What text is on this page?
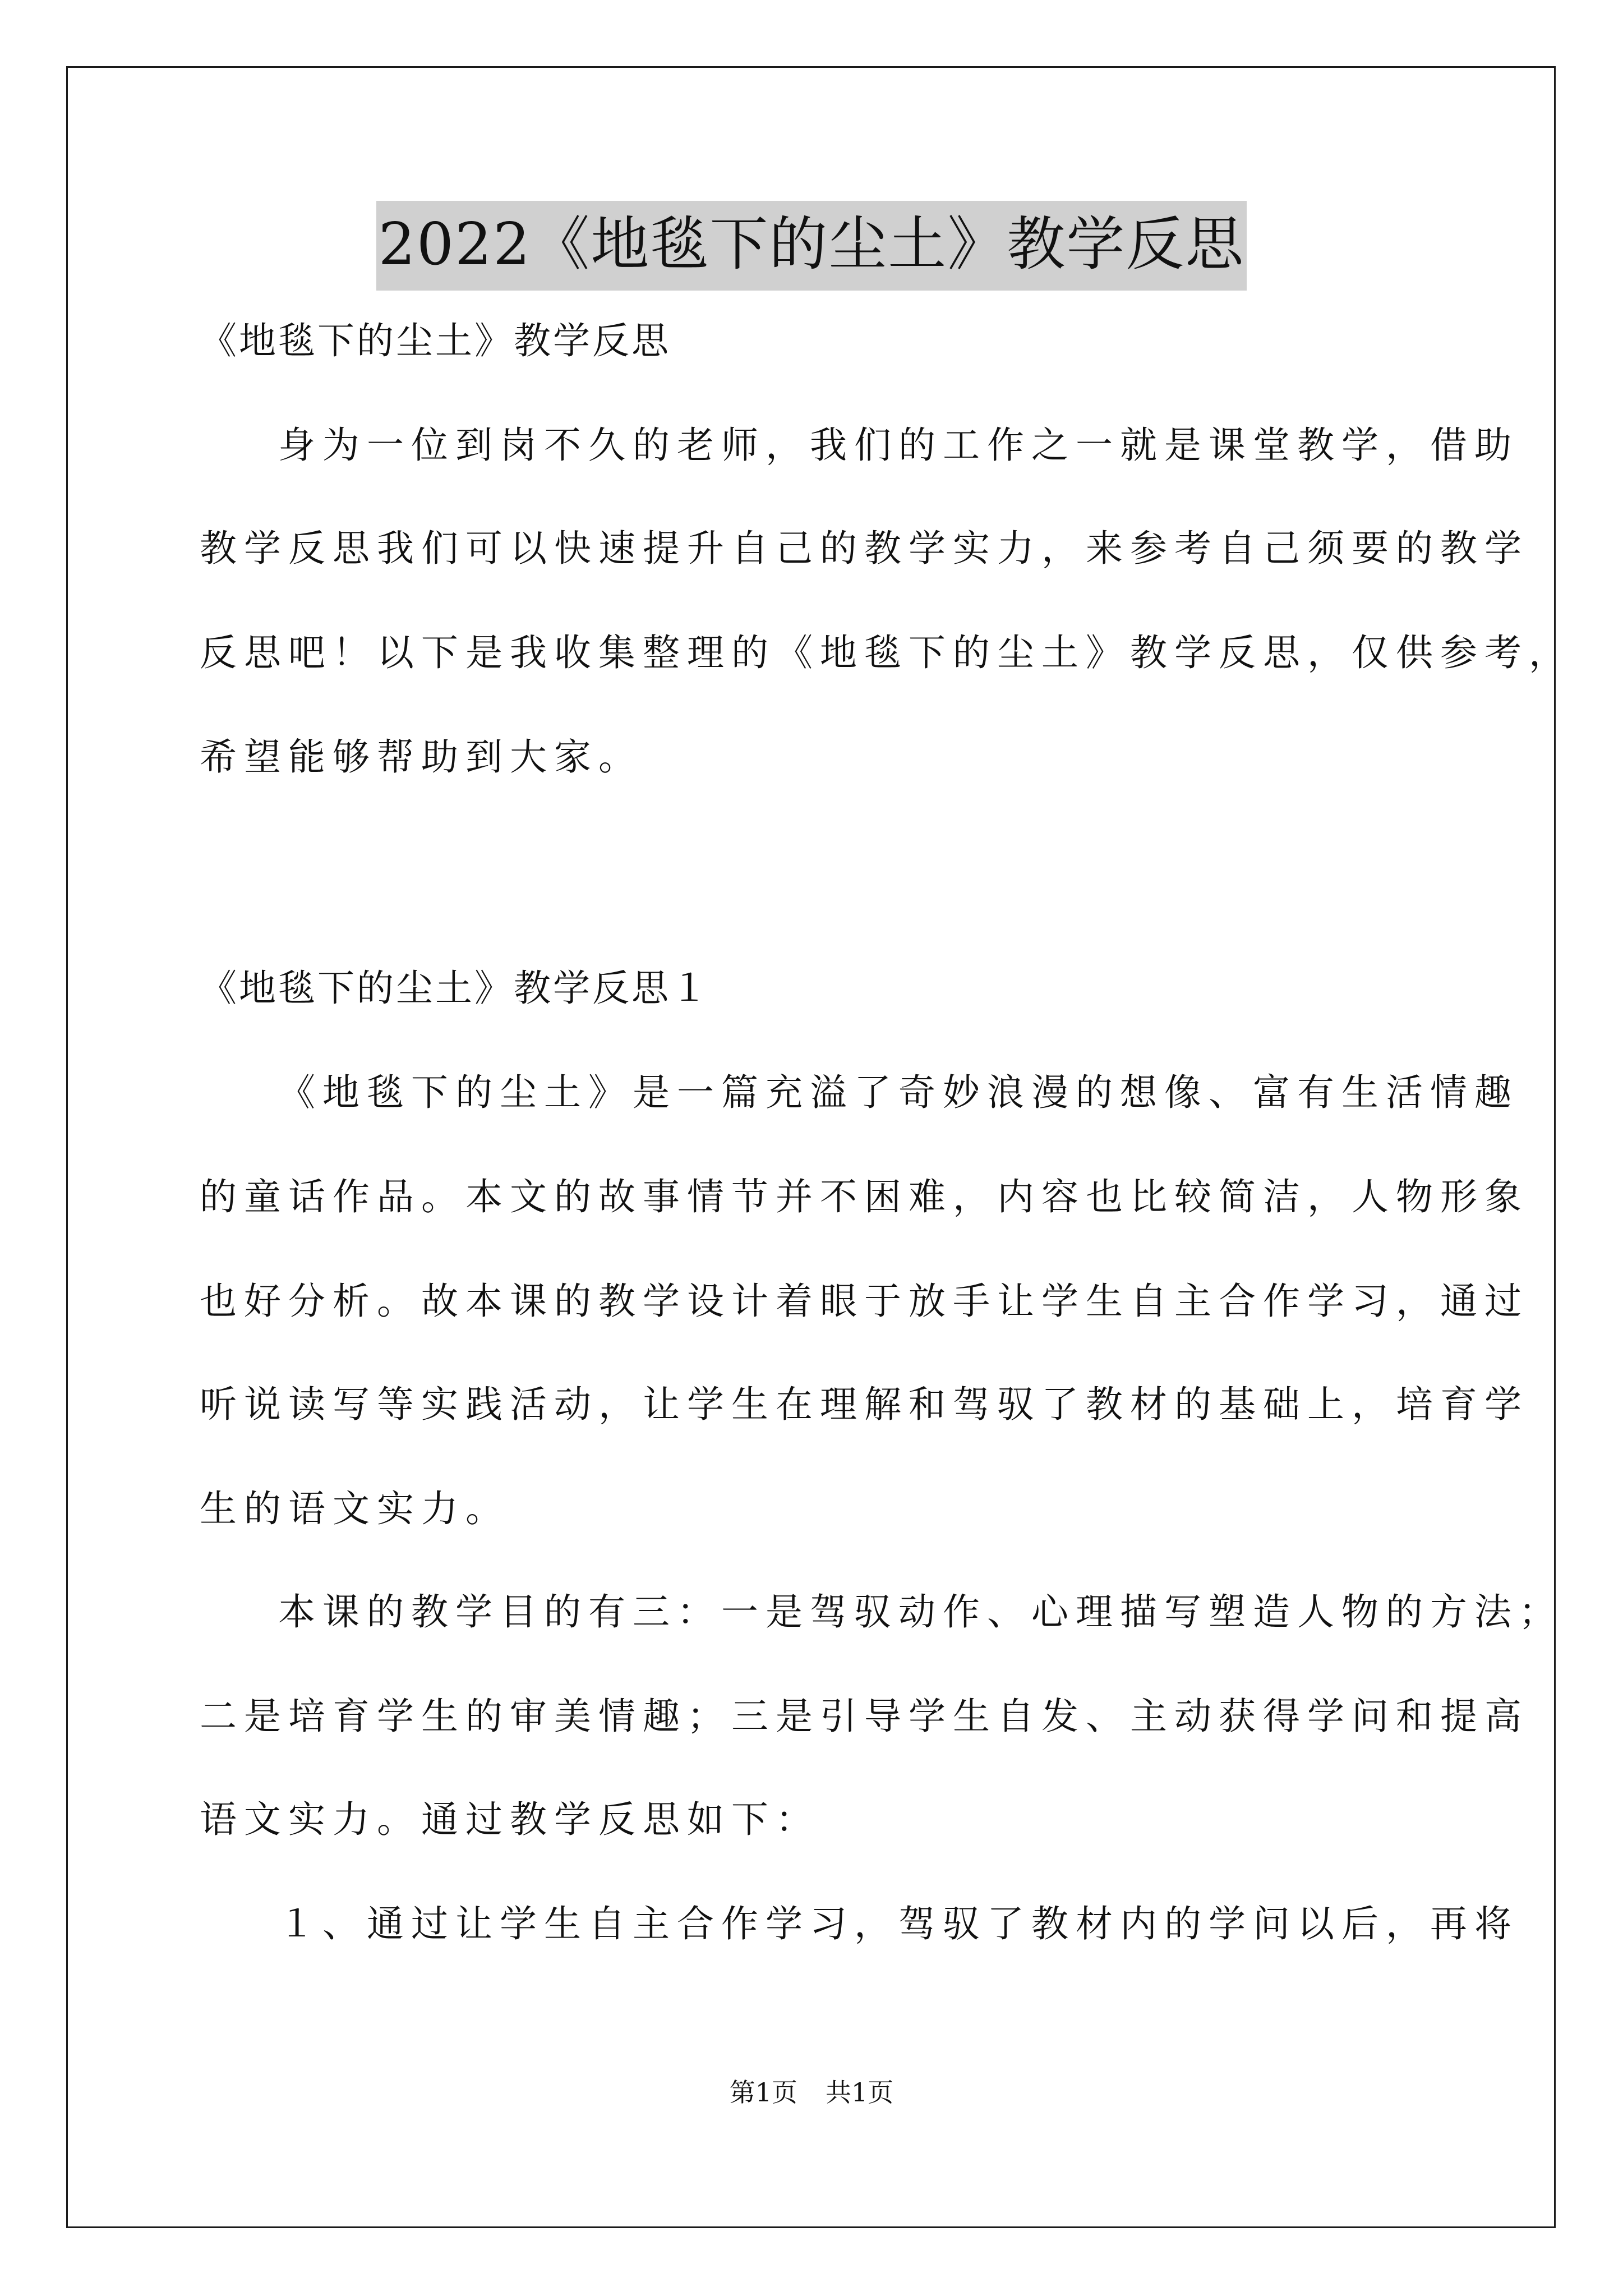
2022《地毯下的尘土》教学反思
《地毯下的尘土》教学反思
身为一位到岗不久的老师，我们的工作之一就是课堂教学，借助
教学反思我们可以快速提升自己的教学实力，来参考自己须要的教学
反思吧！以下是我收集整理的《地毯下的尘土》教学反思，仅供参考，
希望能够帮助到大家。
《地毯下的尘土》教学反思１
《地毯下的尘土》是一篇充溢了奇妙浪漫的想像、富有生活情趣
的童话作品。本文的故事情节并不困难，内容也比较简洁，人物形象
也好分析。故本课的教学设计着眼于放手让学生自主合作学习，通过
听说读写等实践活动，让学生在理解和驾驭了教材的基础上，培育学
生的语文实力。
本课的教学目的有三：一是驾驭动作、心理描写塑造人物的方法；
二是培育学生的审美情趣；三是引导学生自发、主动获得学问和提高
语文实力。通过教学反思如下：
１、通过让学生自主合作学习，驾驭了教材内的学问以后，再将
第1页 共1页
